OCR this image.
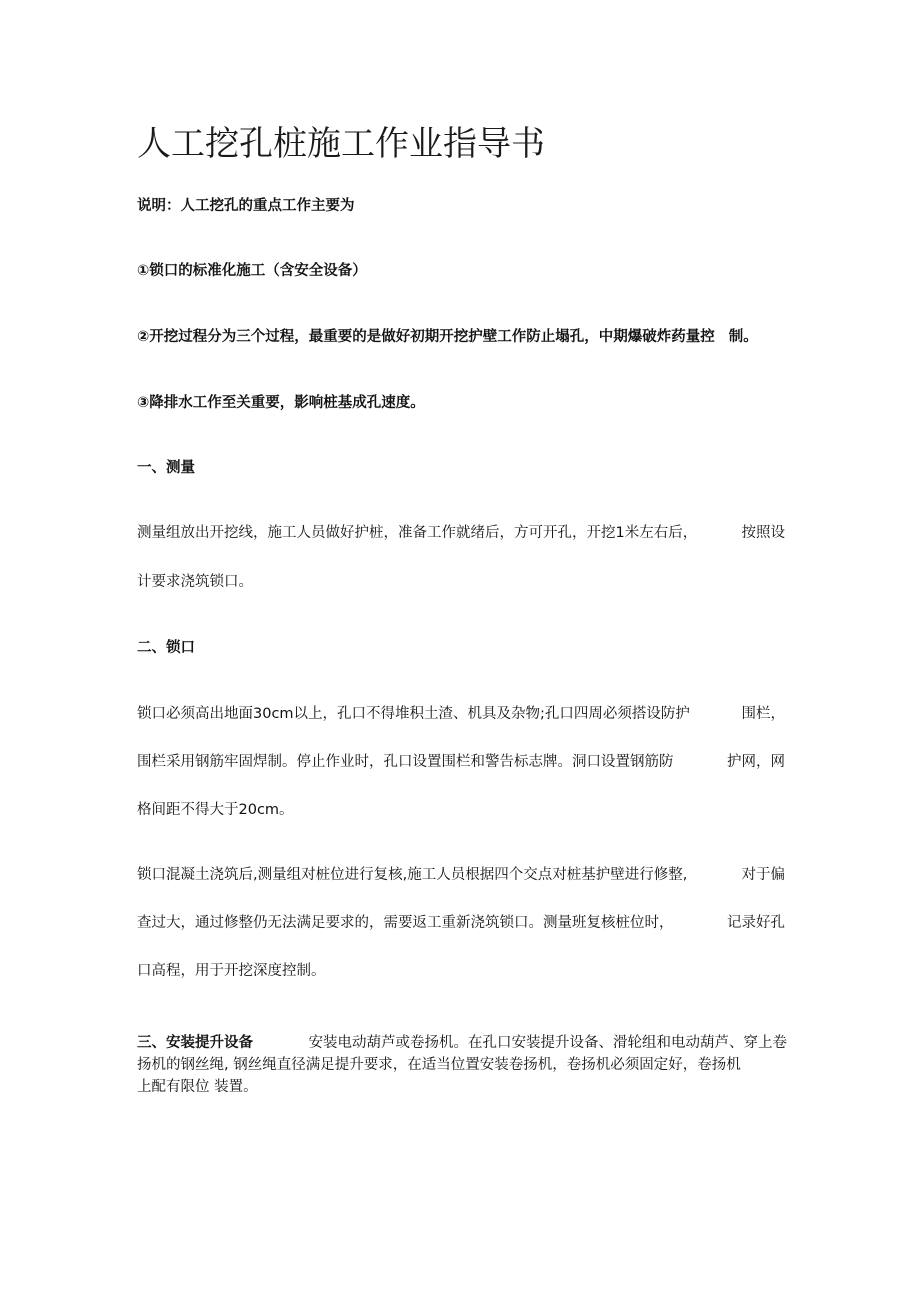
人工挖孔桩施工作业指导书
说明：人工挖孔的重点工作主要为
①锁口的标准化施工（含安全设备）
②开挖过程分为三个过程，最重要的是做好初期开挖护壁工作防止塌孔，中期爆破炸药量控 制。
③降排水工作至关重要，影响桩基成孔速度。
一、测量
测量组放出开挖线，施工人员做好护桩，准备工作就绪后，方可开孔，开挖1米左右后，	按照设
计要求浇筑锁口。
二、锁口
锁口必须高出地面30cm以上，孔口不得堆积土渣、机具及杂物;孔口四周必须搭设防护	围栏，
围栏采用钢筋牢固焊制。停止作业时，孔口设置围栏和警告标志牌。洞口设置钢筋防	护网，网
格间距不得大于20cm。
锁口混凝土浇筑后,测量组对桩位进行复核,施工人员根据四个交点对桩基护壁进行修整,	对于偏
查过大，通过修整仍无法满足要求的，需要返工重新浇筑锁口。测量班复核桩位时，	记录好孔
口高程，用于开挖深度控制。
三、安装提升设备	安装电动葫芦或卷扬机。在孔口安装提升设备、滑轮组和电动葫芦、穿上卷
扬机的钢丝绳, 钢丝绳直径满足提升要求，在适当位置安装卷扬机，卷扬机必须固定好，卷扬机
上配有限位 装置。
